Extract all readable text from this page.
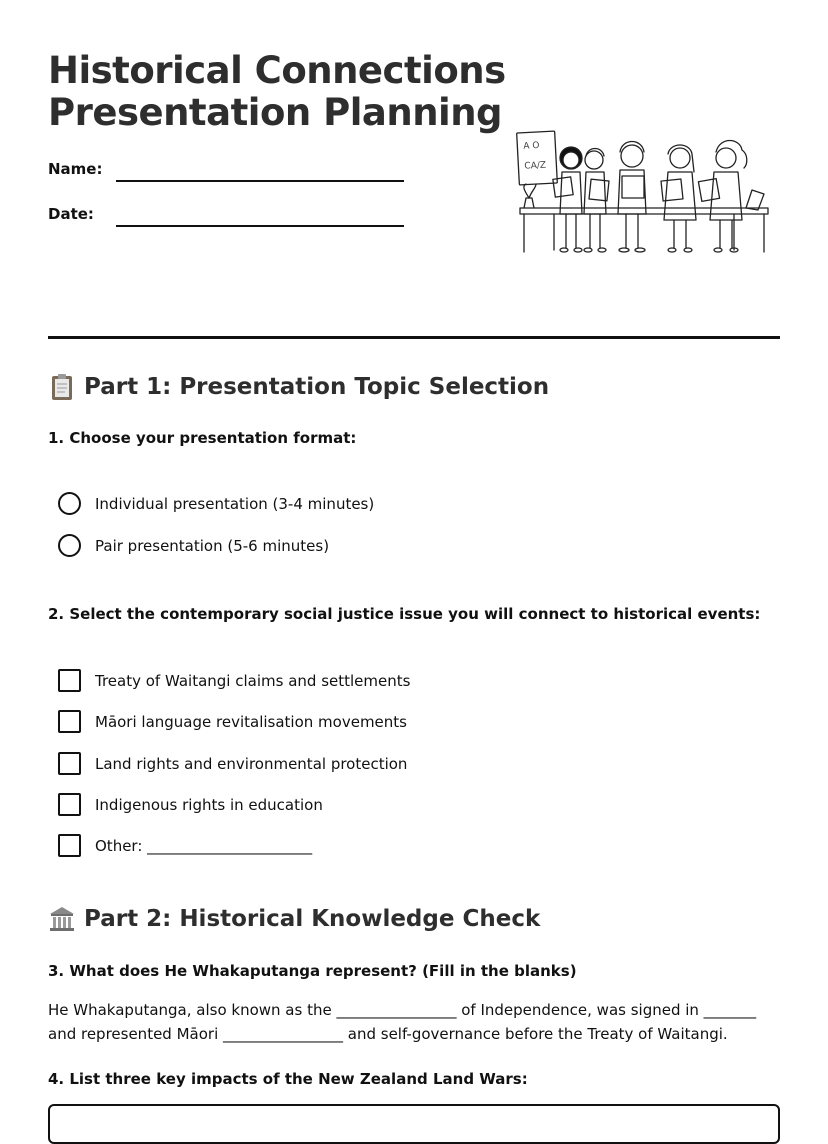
Historical Connections
Presentation Planning
Name:
Date:
A O
CA/Z
Part 1: Presentation Topic Selection
1. Choose your presentation format:
Individual presentation (3-4 minutes)
Pair presentation (5-6 minutes)
2. Select the contemporary social justice issue you will connect to historical events:
Treaty of Waitangi claims and settlements
Māori language revitalisation movements
Land rights and environmental protection
Indigenous rights in education
Other: ______________________
Part 2: Historical Knowledge Check
3. What does He Whakaputanga represent? (Fill in the blanks)
He Whakaputanga, also known as the ________________ of Independence, was signed in _______ and represented Māori ________________ and self-governance before the Treaty of Waitangi.
4. List three key impacts of the New Zealand Land Wars:
